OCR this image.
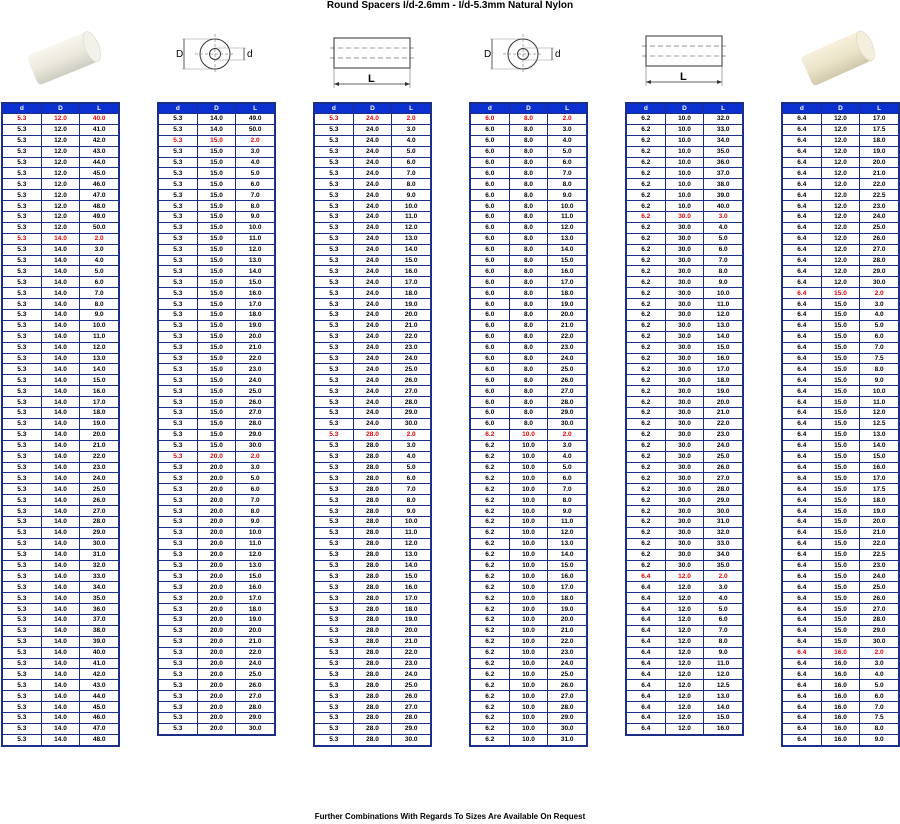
Round Spacers I/d-2.6mm - I/d-5.3mm Natural Nylon
D	d
L
D	d
L
d	D	L
5.3	12.0	40.0
5.3	12.0	41.0
5.3	12.0	42.0
5.3	12.0	43.0
5.3	12.0	44.0
5.3	12.0	45.0
5.3	12.0	46.0
5.3	12.0	47.0
5.3	12.0	48.0
5.3	12.0	49.0
5.3	12.0	50.0
5.3	14.0	2.0
5.3	14.0	3.0
5.3	14.0	4.0
5.3	14.0	5.0
5.3	14.0	6.0
5.3	14.0	7.0
5.3	14.0	8.0
5.3	14.0	9.0
5.3	14.0	10.0
5.3	14.0	11.0
5.3	14.0	12.0
5.3	14.0	13.0
5.3	14.0	14.0
5.3	14.0	15.0
5.3	14.0	16.0
5.3	14.0	17.0
5.3	14.0	18.0
5.3	14.0	19.0
5.3	14.0	20.0
5.3	14.0	21.0
5.3	14.0	22.0
5.3	14.0	23.0
5.3	14.0	24.0
5.3	14.0	25.0
5.3	14.0	26.0
5.3	14.0	27.0
5.3	14.0	28.0
5.3	14.0	29.0
5.3	14.0	30.0
5.3	14.0	31.0
5.3	14.0	32.0
5.3	14.0	33.0
5.3	14.0	34.0
5.3	14.0	35.0
5.3	14.0	36.0
5.3	14.0	37.0
5.3	14.0	38.0
5.3	14.0	39.0
5.3	14.0	40.0
5.3	14.0	41.0
5.3	14.0	42.0
5.3	14.0	43.0
5.3	14.0	44.0
5.3	14.0	45.0
5.3	14.0	46.0
5.3	14.0	47.0
5.3	14.0	48.0
d	D	L
5.3	14.0	49.0
5.3	14.0	50.0
5.3	15.0	2.0
5.3	15.0	3.0
5.3	15.0	4.0
5.3	15.0	5.0
5.3	15.0	6.0
5.3	15.0	7.0
5.3	15.0	8.0
5.3	15.0	9.0
5.3	15.0	10.0
5.3	15.0	11.0
5.3	15.0	12.0
5.3	15.0	13.0
5.3	15.0	14.0
5.3	15.0	15.0
5.3	15.0	16.0
5.3	15.0	17.0
5.3	15.0	18.0
5.3	15.0	19.0
5.3	15.0	20.0
5.3	15.0	21.0
5.3	15.0	22.0
5.3	15.0	23.0
5.3	15.0	24.0
5.3	15.0	25.0
5.3	15.0	26.0
5.3	15.0	27.0
5.3	15.0	28.0
5.3	15.0	29.0
5.3	15.0	30.0
5.3	20.0	2.0
5.3	20.0	3.0
5.3	20.0	5.0
5.3	20.0	6.0
5.3	20.0	7.0
5.3	20.0	8.0
5.3	20.0	9.0
5.3	20.0	10.0
5.3	20.0	11.0
5.3	20.0	12.0
5.3	20.0	13.0
5.3	20.0	15.0
5.3	20.0	16.0
5.3	20.0	17.0
5.3	20.0	18.0
5.3	20.0	19.0
5.3	20.0	20.0
5.3	20.0	21.0
5.3	20.0	22.0
5.3	20.0	24.0
5.3	20.0	25.0
5.3	20.0	26.0
5.3	20.0	27.0
5.3	20.0	28.0
5.3	20.0	29.0
5.3	20.0	30.0
d	D	L
5.3	24.0	2.0
5.3	24.0	3.0
5.3	24.0	4.0
5.3	24.0	5.0
5.3	24.0	6.0
5.3	24.0	7.0
5.3	24.0	8.0
5.3	24.0	9.0
5.3	24.0	10.0
5.3	24.0	11.0
5.3	24.0	12.0
5.3	24.0	13.0
5.3	24.0	14.0
5.3	24.0	15.0
5.3	24.0	16.0
5.3	24.0	17.0
5.3	24.0	18.0
5.3	24.0	19.0
5.3	24.0	20.0
5.3	24.0	21.0
5.3	24.0	22.0
5.3	24.0	23.0
5.3	24.0	24.0
5.3	24.0	25.0
5.3	24.0	26.0
5.3	24.0	27.0
5.3	24.0	28.0
5.3	24.0	29.0
5.3	24.0	30.0
5.3	28.0	2.0
5.3	28.0	3.0
5.3	28.0	4.0
5.3	28.0	5.0
5.3	28.0	6.0
5.3	28.0	7.0
5.3	28.0	8.0
5.3	28.0	9.0
5.3	28.0	10.0
5.3	28.0	11.0
5.3	28.0	12.0
5.3	28.0	13.0
5.3	28.0	14.0
5.3	28.0	15.0
5.3	28.0	16.0
5.3	28.0	17.0
5.3	28.0	18.0
5.3	28.0	19.0
5.3	28.0	20.0
5.3	28.0	21.0
5.3	28.0	22.0
5.3	28.0	23.0
5.3	28.0	24.0
5.3	28.0	25.0
5.3	28.0	26.0
5.3	28.0	27.0
5.3	28.0	28.0
5.3	28.0	29.0
5.3	28.0	30.0
d	D	L
6.0	8.0	2.0
6.0	8.0	3.0
6.0	8.0	4.0
6.0	8.0	5.0
6.0	8.0	6.0
6.0	8.0	7.0
6.0	8.0	8.0
6.0	8.0	9.0
6.0	8.0	10.0
6.0	8.0	11.0
6.0	8.0	12.0
6.0	8.0	13.0
6.0	8.0	14.0
6.0	8.0	15.0
6.0	8.0	16.0
6.0	8.0	17.0
6.0	8.0	18.0
6.0	8.0	19.0
6.0	8.0	20.0
6.0	8.0	21.0
6.0	8.0	22.0
6.0	8.0	23.0
6.0	8.0	24.0
6.0	8.0	25.0
6.0	8.0	26.0
6.0	8.0	27.0
6.0	8.0	28.0
6.0	8.0	29.0
6.0	8.0	30.0
6.2	10.0	2.0
6.2	10.0	3.0
6.2	10.0	4.0
6.2	10.0	5.0
6.2	10.0	6.0
6.2	10.0	7.0
6.2	10.0	8.0
6.2	10.0	9.0
6.2	10.0	11.0
6.2	10.0	12.0
6.2	10.0	13.0
6.2	10.0	14.0
6.2	10.0	15.0
6.2	10.0	16.0
6.2	10.0	17.0
6.2	10.0	18.0
6.2	10.0	19.0
6.2	10.0	20.0
6.2	10.0	21.0
6.2	10.0	22.0
6.2	10.0	23.0
6.2	10.0	24.0
6.2	10.0	25.0
6.2	10.0	26.0
6.2	10.0	27.0
6.2	10.0	28.0
6.2	10.0	29.0
6.2	10.0	30.0
6.2	10.0	31.0
d	D	L
6.2	10.0	32.0
6.2	10.0	33.0
6.2	10.0	34.0
6.2	10.0	35.0
6.2	10.0	36.0
6.2	10.0	37.0
6.2	10.0	38.0
6.2	10.0	39.0
6.2	10.0	40.0
6.2	30.0	3.0
6.2	30.0	4.0
6.2	30.0	5.0
6.2	30.0	6.0
6.2	30.0	7.0
6.2	30.0	8.0
6.2	30.0	9.0
6.2	30.0	10.0
6.2	30.0	11.0
6.2	30.0	12.0
6.2	30.0	13.0
6.2	30.0	14.0
6.2	30.0	15.0
6.2	30.0	16.0
6.2	30.0	17.0
6.2	30.0	18.0
6.2	30.0	19.0
6.2	30.0	20.0
6.2	30.0	21.0
6.2	30.0	22.0
6.2	30.0	23.0
6.2	30.0	24.0
6.2	30.0	25.0
6.2	30.0	26.0
6.2	30.0	27.0
6.2	30.0	28.0
6.2	30.0	29.0
6.2	30.0	30.0
6.2	30.0	31.0
6.2	30.0	32.0
6.2	30.0	33.0
6.2	30.0	34.0
6.2	30.0	35.0
6.4	12.0	2.0
6.4	12.0	3.0
6.4	12.0	4.0
6.4	12.0	5.0
6.4	12.0	6.0
6.4	12.0	7.0
6.4	12.0	8.0
6.4	12.0	9.0
6.4	12.0	11.0
6.4	12.0	12.0
6.4	12.0	12.5
6.4	12.0	13.0
6.4	12.0	14.0
6.4	12.0	15.0
6.4	12.0	16.0
d	D	L
6.4	12.0	17.0
6.4	12.0	17.5
6.4	12.0	18.0
6.4	12.0	19.0
6.4	12.0	20.0
6.4	12.0	21.0
6.4	12.0	22.0
6.4	12.0	22.5
6.4	12.0	23.0
6.4	12.0	24.0
6.4	12.0	25.0
6.4	12.0	26.0
6.4	12.0	27.0
6.4	12.0	28.0
6.4	12.0	29.0
6.4	12.0	30.0
6.4	15.0	2.0
6.4	15.0	3.0
6.4	15.0	4.0
6.4	15.0	5.0
6.4	15.0	6.0
6.4	15.0	7.0
6.4	15.0	7.5
6.4	15.0	8.0
6.4	15.0	9.0
6.4	15.0	10.0
6.4	15.0	11.0
6.4	15.0	12.0
6.4	15.0	12.5
6.4	15.0	13.0
6.4	15.0	14.0
6.4	15.0	15.0
6.4	15.0	16.0
6.4	15.0	17.0
6.4	15.0	17.5
6.4	15.0	18.0
6.4	15.0	19.0
6.4	15.0	20.0
6.4	15.0	21.0
6.4	15.0	22.0
6.4	15.0	22.5
6.4	15.0	23.0
6.4	15.0	24.0
6.4	15.0	25.0
6.4	15.0	26.0
6.4	15.0	27.0
6.4	15.0	28.0
6.4	15.0	29.0
6.4	15.0	30.0
6.4	16.0	2.0
6.4	16.0	3.0
6.4	16.0	4.0
6.4	16.0	5.0
6.4	16.0	6.0
6.4	16.0	7.0
6.4	16.0	7.5
6.4	16.0	8.0
6.4	16.0	9.0
Further Combinations With Regards To Sizes Are Available On Request
